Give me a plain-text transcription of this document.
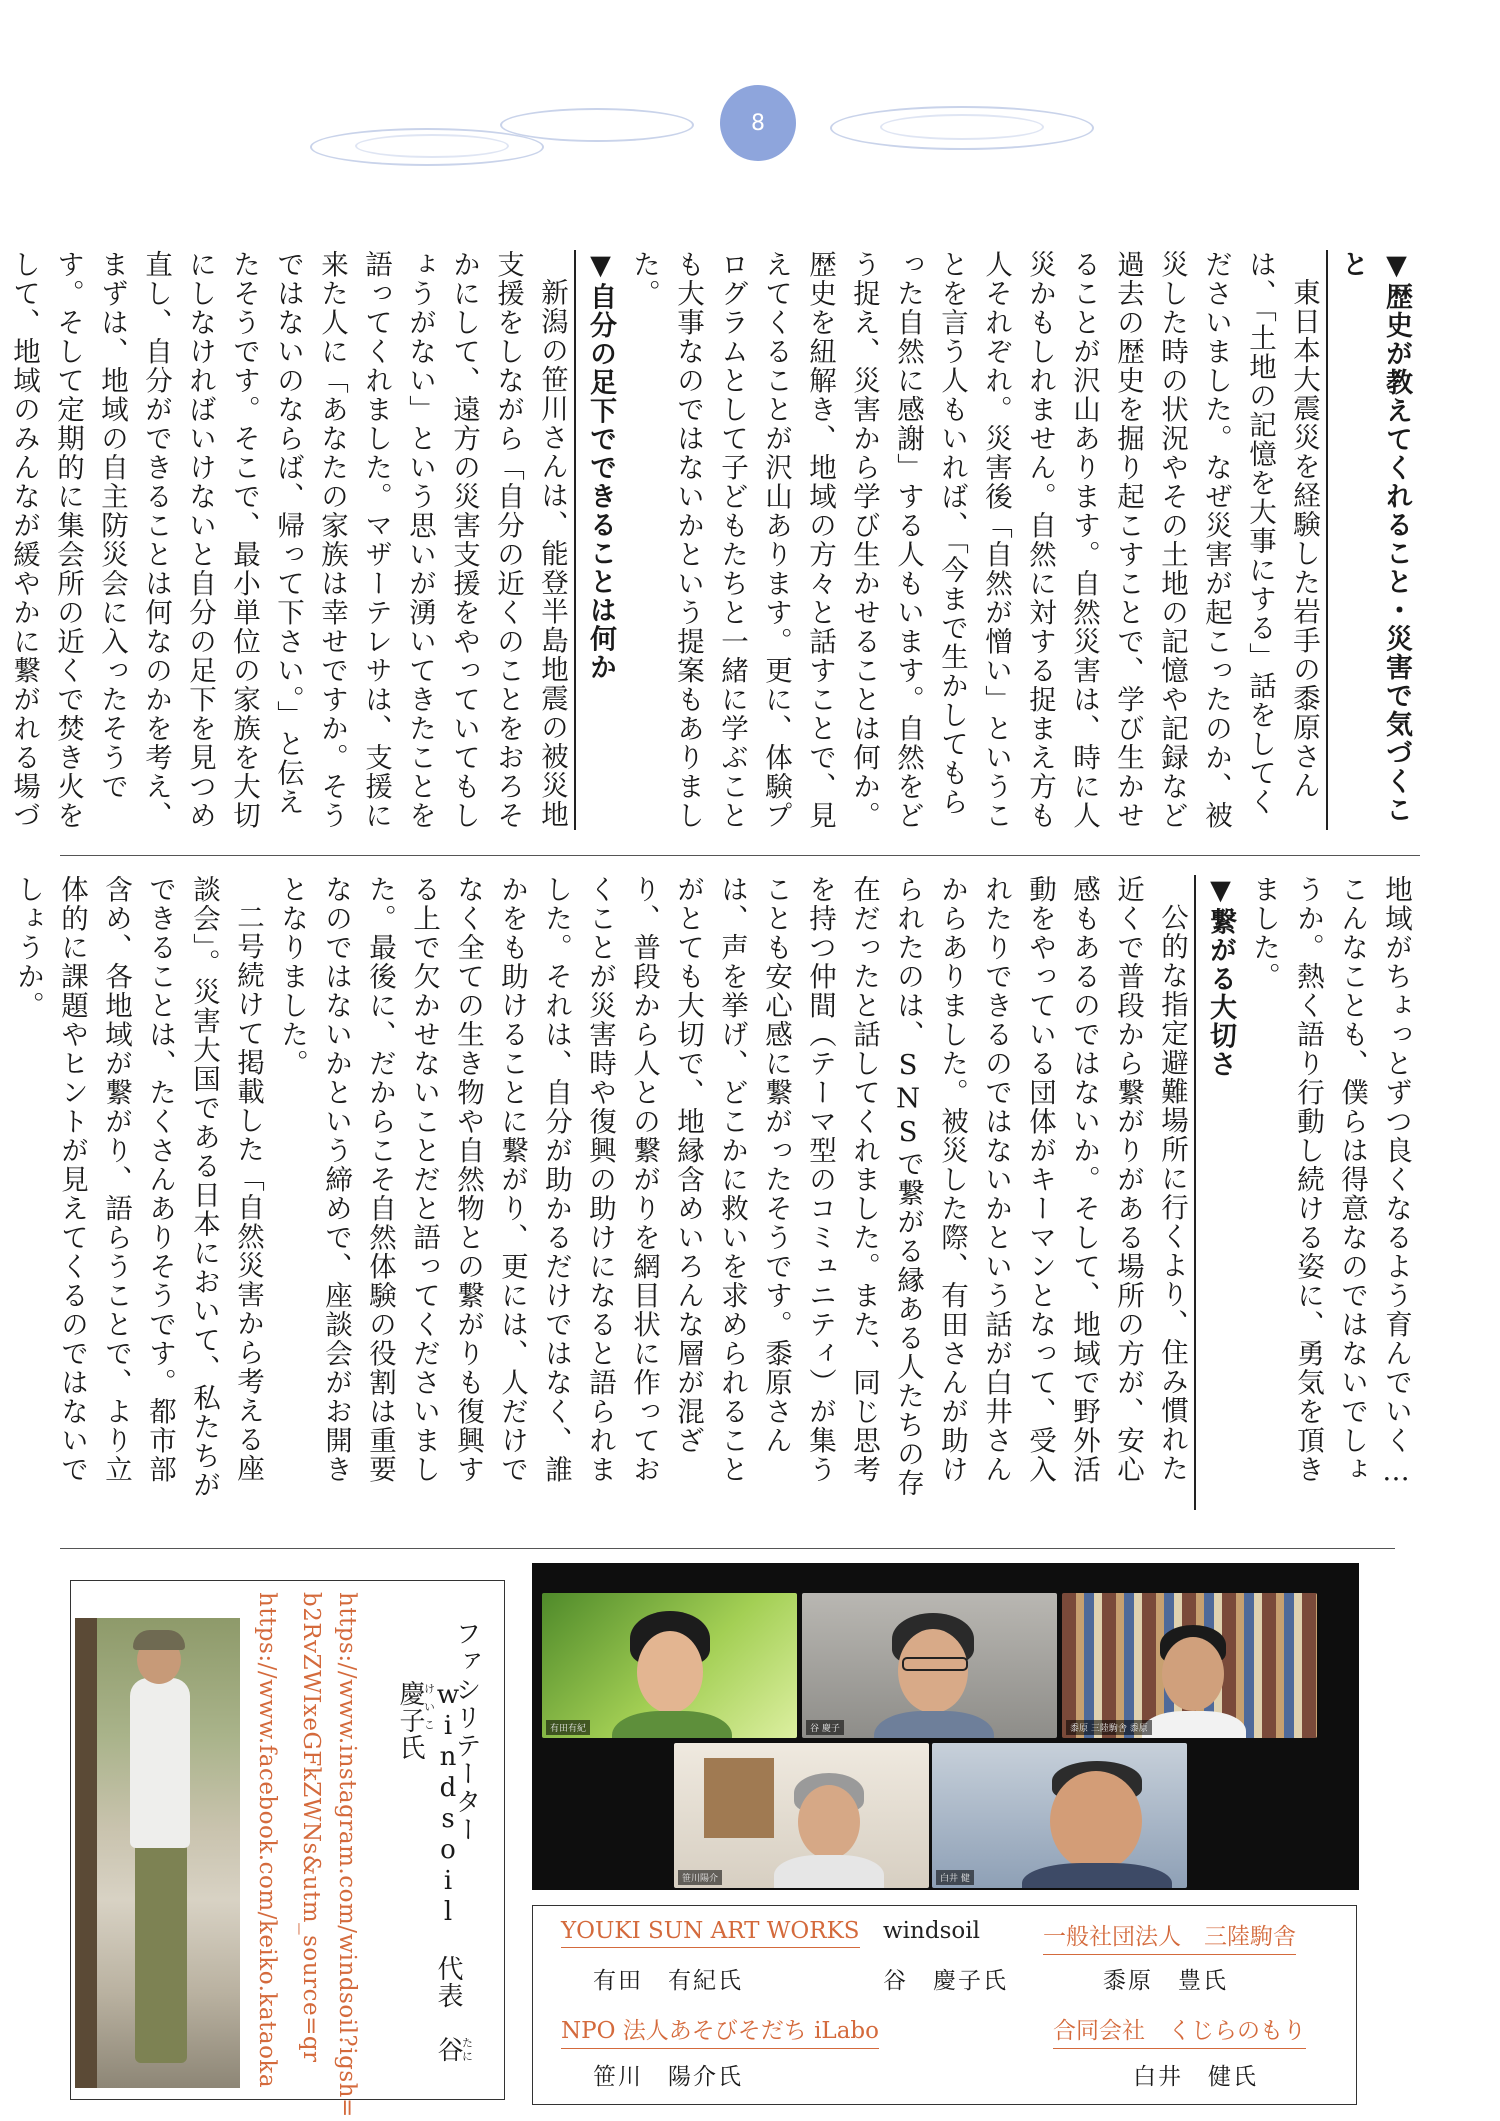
8

▼歴史が教えてくれること・災害で気づくこと

東日本大震災を経験した岩手の黍原さんは、「土地の記憶を大事にする」話をしてくださいました。なぜ災害が起こったのか、被災した時の状況やその土地の記憶や記録など過去の歴史を掘り起こすことで、学び生かせることが沢山あります。自然災害は、時に人災かもしれません。自然に対する捉まえ方も人それぞれ。災害後「自然が憎い」ということを言う人もいれば、「今まで生かしてもらった自然に感謝」する人もいます。自然をどう捉え、災害から学び生かせることは何か。歴史を紐解き、地域の方々と話すことで、見えてくることが沢山あります。更に、体験プログラムとして子どもたちと一緒に学ぶことも大事なのではないかという提案もありました。

▼自分の足下でできることは何か

新潟の笹川さんは、能登半島地震の被災地支援をしながら「自分の近くのことをおろそかにして、遠方の災害支援をやっていてもしょうがない」という思いが湧いてきたことを語ってくれました。マザーテレサは、支援に来た人に「あなたの家族は幸せですか。そうではないのならば、帰って下さい。」と伝えたそうです。そこで、最小単位の家族を大切にしなければいけないと自分の足下を見つめ直し、自分ができることは何なのかを考え、まずは、地域の自主防災会に入ったそうです。そして定期的に集会所の近くで焚き火をして、地域のみんなが緩やかに繋がれる場づ

地域がちょっとずつ良くなるよう育んでいく…こんなことも、僕らは得意なのではないでしょうか。熱く語り行動し続ける姿に、勇気を頂きました。

▼繋がる大切さ

公的な指定避難場所に行くより、住み慣れた近くで普段から繋がりがある場所の方が、安心感もあるのではないか。そして、地域で野外活動をやっている団体がキーマンとなって、受入れたりできるのではないかという話が白井さんからありました。被災した際、有田さんが助けられたのは、SNSで繋がる縁ある人たちの存在だったと話してくれました。また、同じ思考を持つ仲間（テーマ型のコミュニティ）が集うことも安心感に繋がったそうです。黍原さんは、声を挙げ、どこかに救いを求められることがとても大切で、地縁含めいろんな層が混ざり、普段から人との繋がりを網目状に作っておくことが災害時や復興の助けになると語られました。それは、自分が助かるだけではなく、誰かをも助けることに繋がり、更には、人だけでなく全ての生き物や自然物との繋がりも復興する上で欠かせないことだと語ってくださいました。最後に、だからこそ自然体験の役割は重要なのではないかという締めで、座談会がお開きとなりました。

二号続けて掲載した「自然災害から考える座談会」。災害大国である日本において、私たちができることは、たくさんありそうです。都市部含め、各地域が繋がり、語らうことで、より立体的に課題やヒントが見えてくるのではないでしょうか。

ファシリテーター
windsoil　代表　谷たに　慶子けいこ氏
https://www.instagram.com/windsoil?igsh=
b2RvZWIxeGFkZWNs&utm_source=qr
https://www.facebook.com/keiko.kataoka	有田有紀	谷 慶子	黍原 三陸駒舎 黍原
笹川陽介	白井 健
YOUKI SUN ART WORKS
有田　有紀氏
windsoil
谷　慶子氏
一般社団法人　三陸駒舎
黍原　豊氏
NPO 法人あそびそだち iLabo
笹川　陽介氏
合同会社　くじらのもり
白井　健氏
